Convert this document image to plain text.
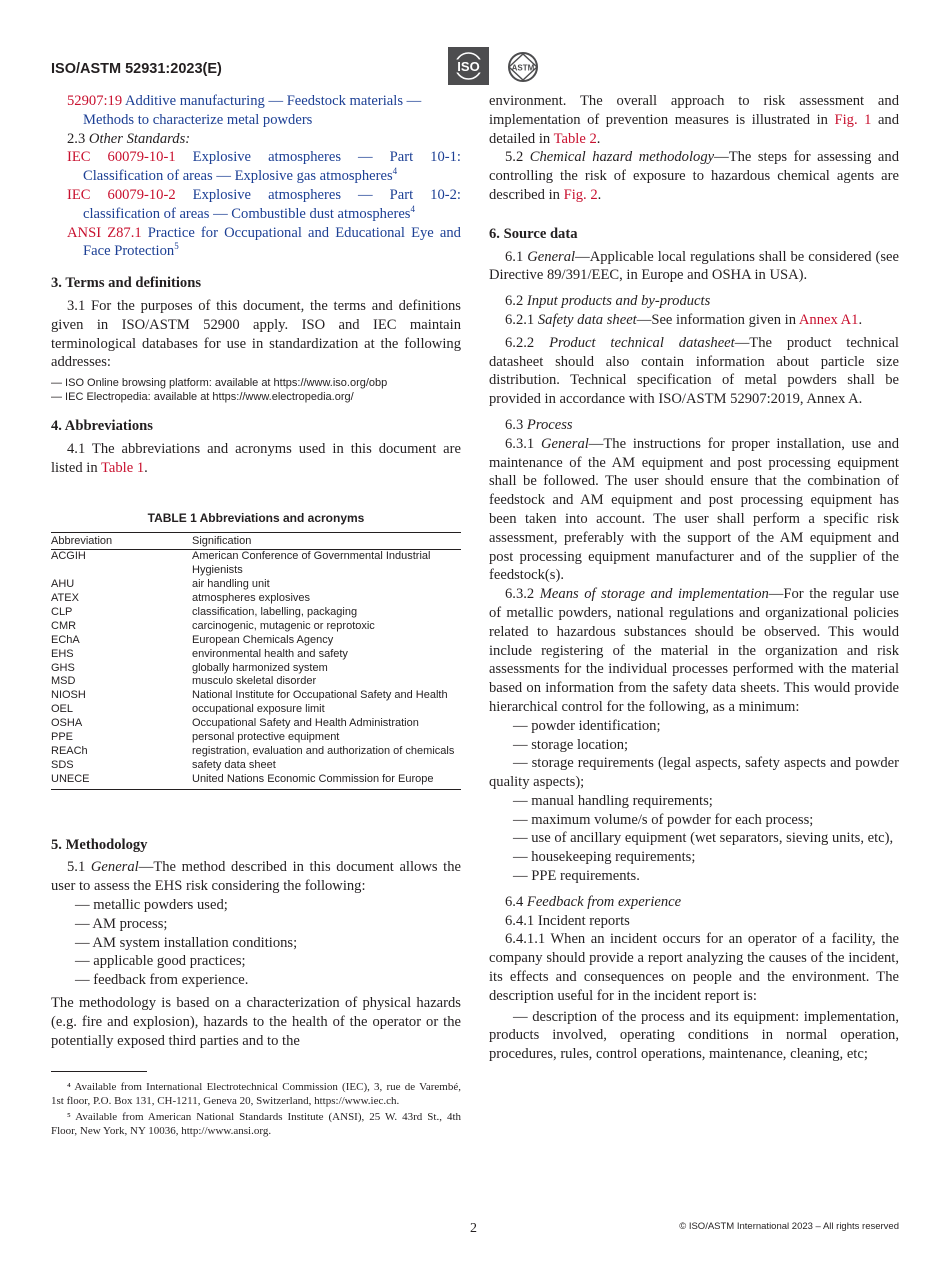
ISO/ASTM 52931:2023(E)	ISO	ASTM

52907:19 Additive manufacturing — Feedstock materials — Methods to characterize metal powders

2.3 Other Standards:

IEC 60079-10-1 Explosive atmospheres — Part 10-1: Classification of areas — Explosive gas atmospheres$^4$

IEC 60079-10-2 Explosive atmospheres — Part 10-2: classification of areas — Combustible dust atmospheres$^4$

ANSI Z87.1 Practice for Occupational and Educational Eye and Face Protection$^5$

3. Terms and definitions

3.1 For the purposes of this document, the terms and definitions given in ISO/ASTM 52900 apply. ISO and IEC maintain terminological databases for use in standardization at the following addresses:

— ISO Online browsing platform: available at https://www.iso.org/obp

— IEC Electropedia: available at https://www.electropedia.org/

4. Abbreviations

4.1 The abbreviations and acronyms used in this document are listed in Table 1.

TABLE 1 Abbreviations and acronyms

Abbreviation	Signification
ACGIH	American Conference of Governmental Industrial Hygienists
AHU	air handling unit
ATEX	atmospheres explosives
CLP	classification, labelling, packaging
CMR	carcinogenic, mutagenic or reprotoxic
EChA	European Chemicals Agency
EHS	environmental health and safety
GHS	globally harmonized system
MSD	musculo skeletal disorder
NIOSH	National Institute for Occupational Safety and Health
OEL	occupational exposure limit
OSHA	Occupational Safety and Health Administration
PPE	personal protective equipment
REACh	registration, evaluation and authorization of chemicals
SDS	safety data sheet
UNECE	United Nations Economic Commission for Europe
5. Methodology

5.1 General—The method described in this document allows the user to assess the EHS risk considering the following:

— metallic powders used;

— AM process;

— AM system installation conditions;

— applicable good practices;

— feedback from experience.

The methodology is based on a characterization of physical hazards (e.g. fire and explosion), hazards to the health of the operator or the potentially exposed third parties and to the

⁴ Available from International Electrotechnical Commission (IEC), 3, rue de Varembé, 1st floor, P.O. Box 131, CH-1211, Geneva 20, Switzerland, https://www.iec.ch.

⁵ Available from American National Standards Institute (ANSI), 25 W. 43rd St., 4th Floor, New York, NY 10036, http://www.ansi.org.

environment. The overall approach to risk assessment and implementation of prevention measures is illustrated in Fig. 1 and detailed in Table 2.

5.2 Chemical hazard methodology—The steps for assessing and controlling the risk of exposure to hazardous chemical agents are described in Fig. 2.

6. Source data

6.1 General—Applicable local regulations shall be considered (see Directive 89/391/EEC, in Europe and OSHA in USA).

6.2 Input products and by-products

6.2.1 Safety data sheet—See information given in Annex A1.

6.2.2 Product technical datasheet—The product technical datasheet should also contain information about particle size distribution. Technical specification of metal powders shall be provided in accordance with ISO/ASTM 52907:2019, Annex A.

6.3 Process

6.3.1 General—The instructions for proper installation, use and maintenance of the AM equipment and post processing equipment shall be followed. The user should ensure that the combination of feedstock and AM equipment and post processing equipment has been taken into account. The user shall perform a specific risk assessment, preferably with the support of the AM equipment and post processing equipment manufacturer and of the supplier of the feedstock(s).

6.3.2 Means of storage and implementation—For the regular use of metallic powders, national regulations and organizational policies related to hazardous substances should be observed. This would include registering of the material in the organization and risk assessments for the individual processes performed with the material based on information from the safety data sheets. This would provide hierarchical control for the following, as a minimum:

— powder identification;

— storage location;

— storage requirements (legal aspects, safety aspects and powder quality aspects);

— manual handling requirements;

— maximum volume/s of powder for each process;

— use of ancillary equipment (wet separators, sieving units, etc),

— housekeeping requirements;

— PPE requirements.

6.4 Feedback from experience

6.4.1 Incident reports

6.4.1.1 When an incident occurs for an operator of a facility, the company should provide a report analyzing the causes of the incident, its effects and consequences on people and the environment. The description useful for in the incident report is:

— description of the process and its equipment: implementation, products involved, operating conditions in normal operation, procedures, rules, control operations, maintenance, cleaning, etc;

2	© ISO/ASTM International 2023 – All rights reserved
